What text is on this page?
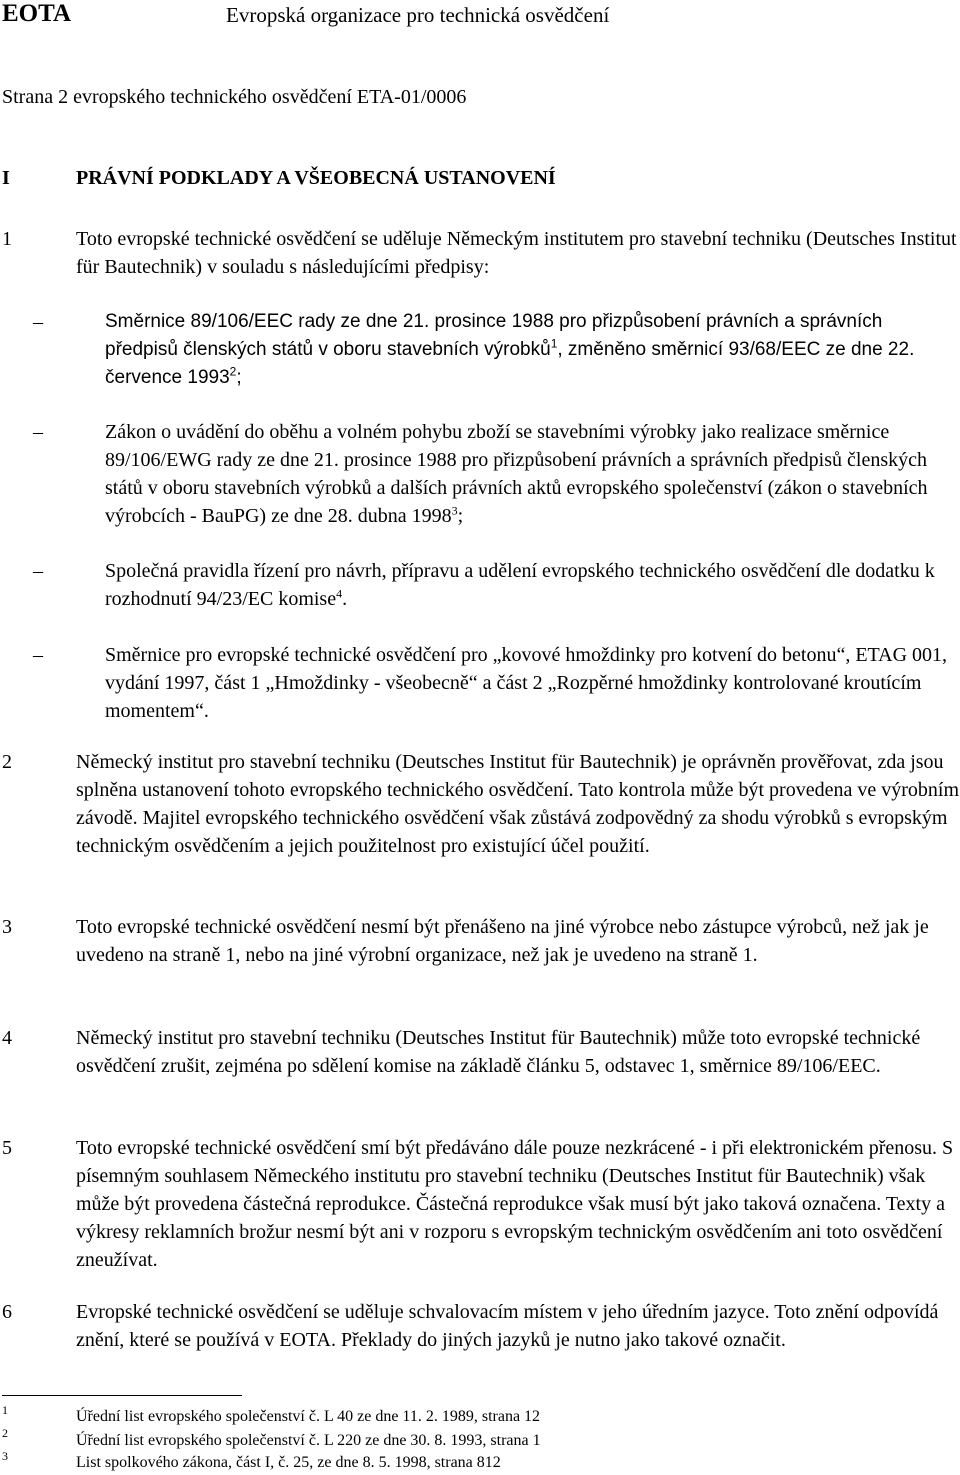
EOTA	Evropská organizace pro technická osvědčení
Strana 2 evropského technického osvědčení ETA-01/0006
I	PRÁVNÍ PODKLADY A VŠEOBECNÁ USTANOVENÍ
1	Toto evropské technické osvědčení se uděluje Německým institutem pro stavební techniku (Deutsches Institut für Bautechnik) v souladu s následujícími předpisy:
–	Směrnice 89/106/EEC rady ze dne 21. prosince 1988 pro přizpůsobení právních a správních předpisů členských států v oboru stavebních výrobků$^1$, změněno směrnicí 93/68/EEC ze dne 22. července 1993$^2$;
–	Zákon o uvádění do oběhu a volném pohybu zboží se stavebními výrobky jako realizace směrnice 89/106/EWG rady ze dne 21. prosince 1988 pro přizpůsobení právních a správních předpisů členských států v oboru stavebních výrobků a dalších právních aktů evropského společenství (zákon o stavebních výrobcích - BauPG) ze dne 28. dubna 1998$^3$;
–	Společná pravidla řízení pro návrh, přípravu a udělení evropského technického osvědčení dle dodatku k rozhodnutí 94/23/EC komise$^4$.
–	Směrnice pro evropské technické osvědčení pro „kovové hmoždinky pro kotvení do betonu“, ETAG 001, vydání 1997, část 1 „Hmoždinky - všeobecně“ a část 2 „Rozpěrné hmoždinky kontrolované kroutícím momentem“.
2	Německý institut pro stavební techniku (Deutsches Institut für Bautechnik) je oprávněn prověřovat, zda jsou splněna ustanovení tohoto evropského technického osvědčení. Tato kontrola může být provedena ve výrobním závodě. Majitel evropského technického osvědčení však zůstává zodpovědný za shodu výrobků s evropským technickým osvědčením a jejich použitelnost pro existující účel použití.
3	Toto evropské technické osvědčení nesmí být přenášeno na jiné výrobce nebo zástupce výrobců, než jak je uvedeno na straně 1, nebo na jiné výrobní organizace, než jak je uvedeno na straně 1.
4	Německý institut pro stavební techniku (Deutsches Institut für Bautechnik) může toto evropské technické osvědčení zrušit, zejména po sdělení komise na základě článku 5, odstavec 1, směrnice 89/106/EEC.
5	Toto evropské technické osvědčení smí být předáváno dále pouze nezkrácené - i při elektronickém přenosu. S písemným souhlasem Německého institutu pro stavební techniku (Deutsches Institut für Bautechnik) však může být provedena částečná reprodukce. Částečná reprodukce však musí být jako taková označena. Texty a výkresy reklamních brožur nesmí být ani v rozporu s evropským technickým osvědčením ani toto osvědčení zneužívat.
6	Evropské technické osvědčení se uděluje schvalovacím místem v jeho úředním jazyce. Toto znění odpovídá znění, které se používá v EOTA. Překlady do jiných jazyků je nutno jako takové označit.
1	Úřední list evropského společenství č. L 40 ze dne 11. 2. 1989, strana 12
2	Úřední list evropského společenství č. L 220 ze dne 30. 8. 1993, strana 1
3	List spolkového zákona, část I, č. 25, ze dne 8. 5. 1998, strana 812
